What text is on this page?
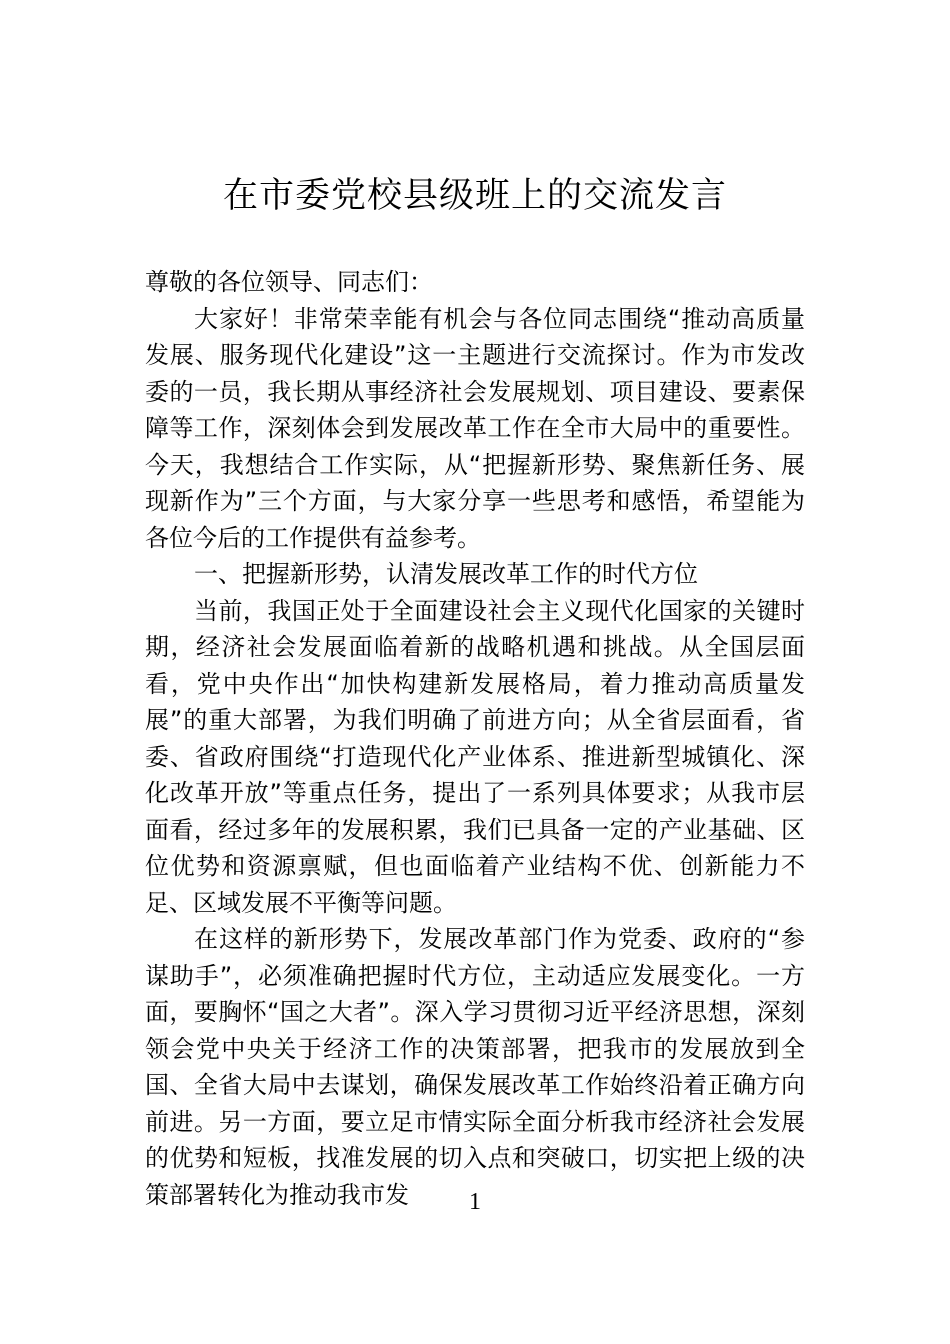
在市委党校县级班上的交流发言

尊敬的各位领导、同志们：

大家好！非常荣幸能有机会与各位同志围绕“推动高质量发展、服务现代化建设”这一主题进行交流探讨。作为市发改委的一员，我长期从事经济社会发展规划、项目建设、要素保障等工作，深刻体会到发展改革工作在全市大局中的重要性。今天，我想结合工作实际，从“把握新形势、聚焦新任务、展现新作为”三个方面，与大家分享一些思考和感悟，希望能为各位今后的工作提供有益参考。

一、把握新形势，认清发展改革工作的时代方位

当前，我国正处于全面建设社会主义现代化国家的关键时期，经济社会发展面临着新的战略机遇和挑战。从全国层面看，党中央作出“加快构建新发展格局，着力推动高质量发展”的重大部署，为我们明确了前进方向；从全省层面看，省委、省政府围绕“打造现代化产业体系、推进新型城镇化、深化改革开放”等重点任务，提出了一系列具体要求；从我市层面看，经过多年的发展积累，我们已具备一定的产业基础、区位优势和资源禀赋，但也面临着产业结构不优、创新能力不足、区域发展不平衡等问题。

在这样的新形势下，发展改革部门作为党委、政府的“参谋助手”，必须准确把握时代方位，主动适应发展变化。一方面，要胸怀“国之大者”。深入学习贯彻习近平经济思想，深刻领会党中央关于经济工作的决策部署，把我市的发展放到全国、全省大局中去谋划，确保发展改革工作始终沿着正确方向前进。另一方面，要立足市情实际全面分析我市经济社会发展的优势和短板，找准发展的切入点和突破口，切实把上级的决策部署转化为推动我市发	1
